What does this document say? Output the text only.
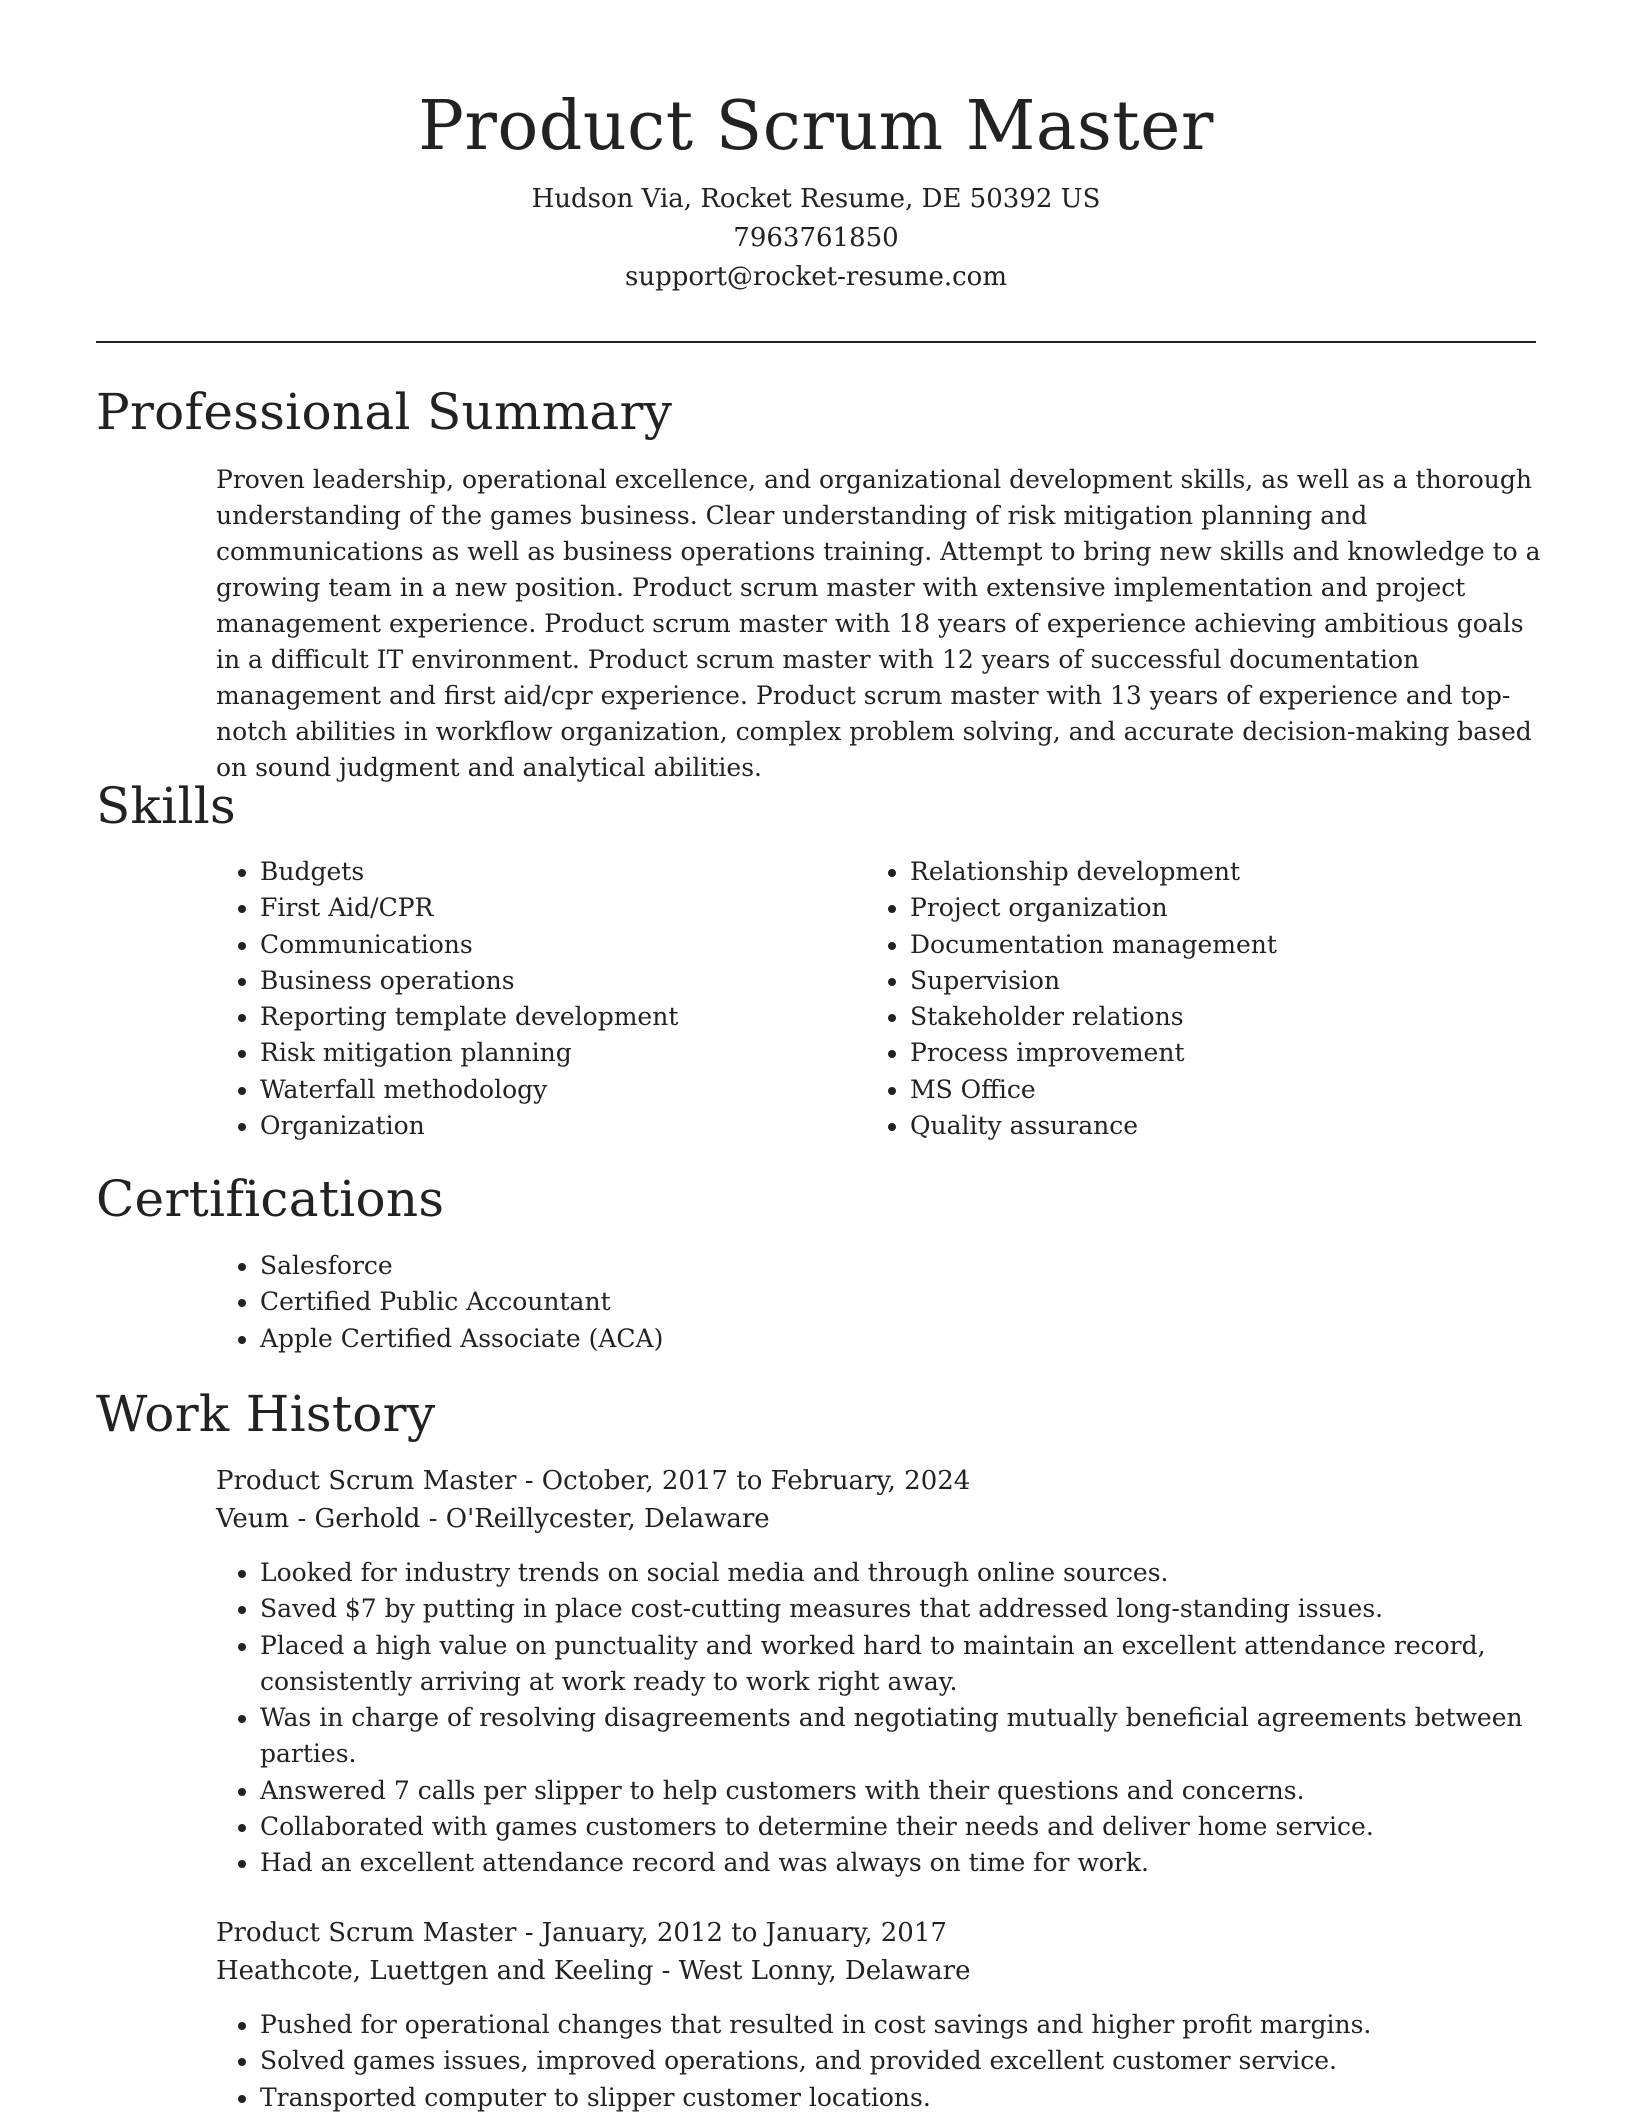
Product Scrum Master

Hudson Via, Rocket Resume, DE 50392 US

7963761850

support@rocket-resume.com

Professional Summary

Proven leadership, operational excellence, and organizational development skills, as well as a thorough understanding of the games business. Clear understanding of risk mitigation planning and communications as well as business operations training. Attempt to bring new skills and knowledge to a growing team in a new position. Product scrum master with extensive implementation and project management experience. Product scrum master with 18 years of experience achieving ambitious goals in a difficult IT environment. Product scrum master with 12 years of successful documentation management and first aid/cpr experience. Product scrum master with 13 years of experience and top-notch abilities in workflow organization, complex problem solving, and accurate decision-making based on sound judgment and analytical abilities.

Skills
• Budgets
• First Aid/CPR
• Communications
• Business operations
• Reporting template development
• Risk mitigation planning
• Waterfall methodology
• Organization
• Relationship development
• Project organization
• Documentation management
• Supervision
• Stakeholder relations
• Process improvement
• MS Office
• Quality assurance
Certifications
• Salesforce
• Certified Public Accountant
• Apple Certified Associate (ACA)
Work History

Product Scrum Master - October, 2017 to February, 2024

Veum - Gerhold - O'Reillycester, Delaware

• Looked for industry trends on social media and through online sources.
• Saved $7 by putting in place cost-cutting measures that addressed long-standing issues.
• Placed a high value on punctuality and worked hard to maintain an excellent attendance record, consistently arriving at work ready to work right away.
• Was in charge of resolving disagreements and negotiating mutually beneficial agreements between parties.
• Answered 7 calls per slipper to help customers with their questions and concerns.
• Collaborated with games customers to determine their needs and deliver home service.
• Had an excellent attendance record and was always on time for work.

Product Scrum Master - January, 2012 to January, 2017

Heathcote, Luettgen and Keeling - West Lonny, Delaware

• Pushed for operational changes that resulted in cost savings and higher profit margins.
• Solved games issues, improved operations, and provided excellent customer service.
• Transported computer to slipper customer locations.
